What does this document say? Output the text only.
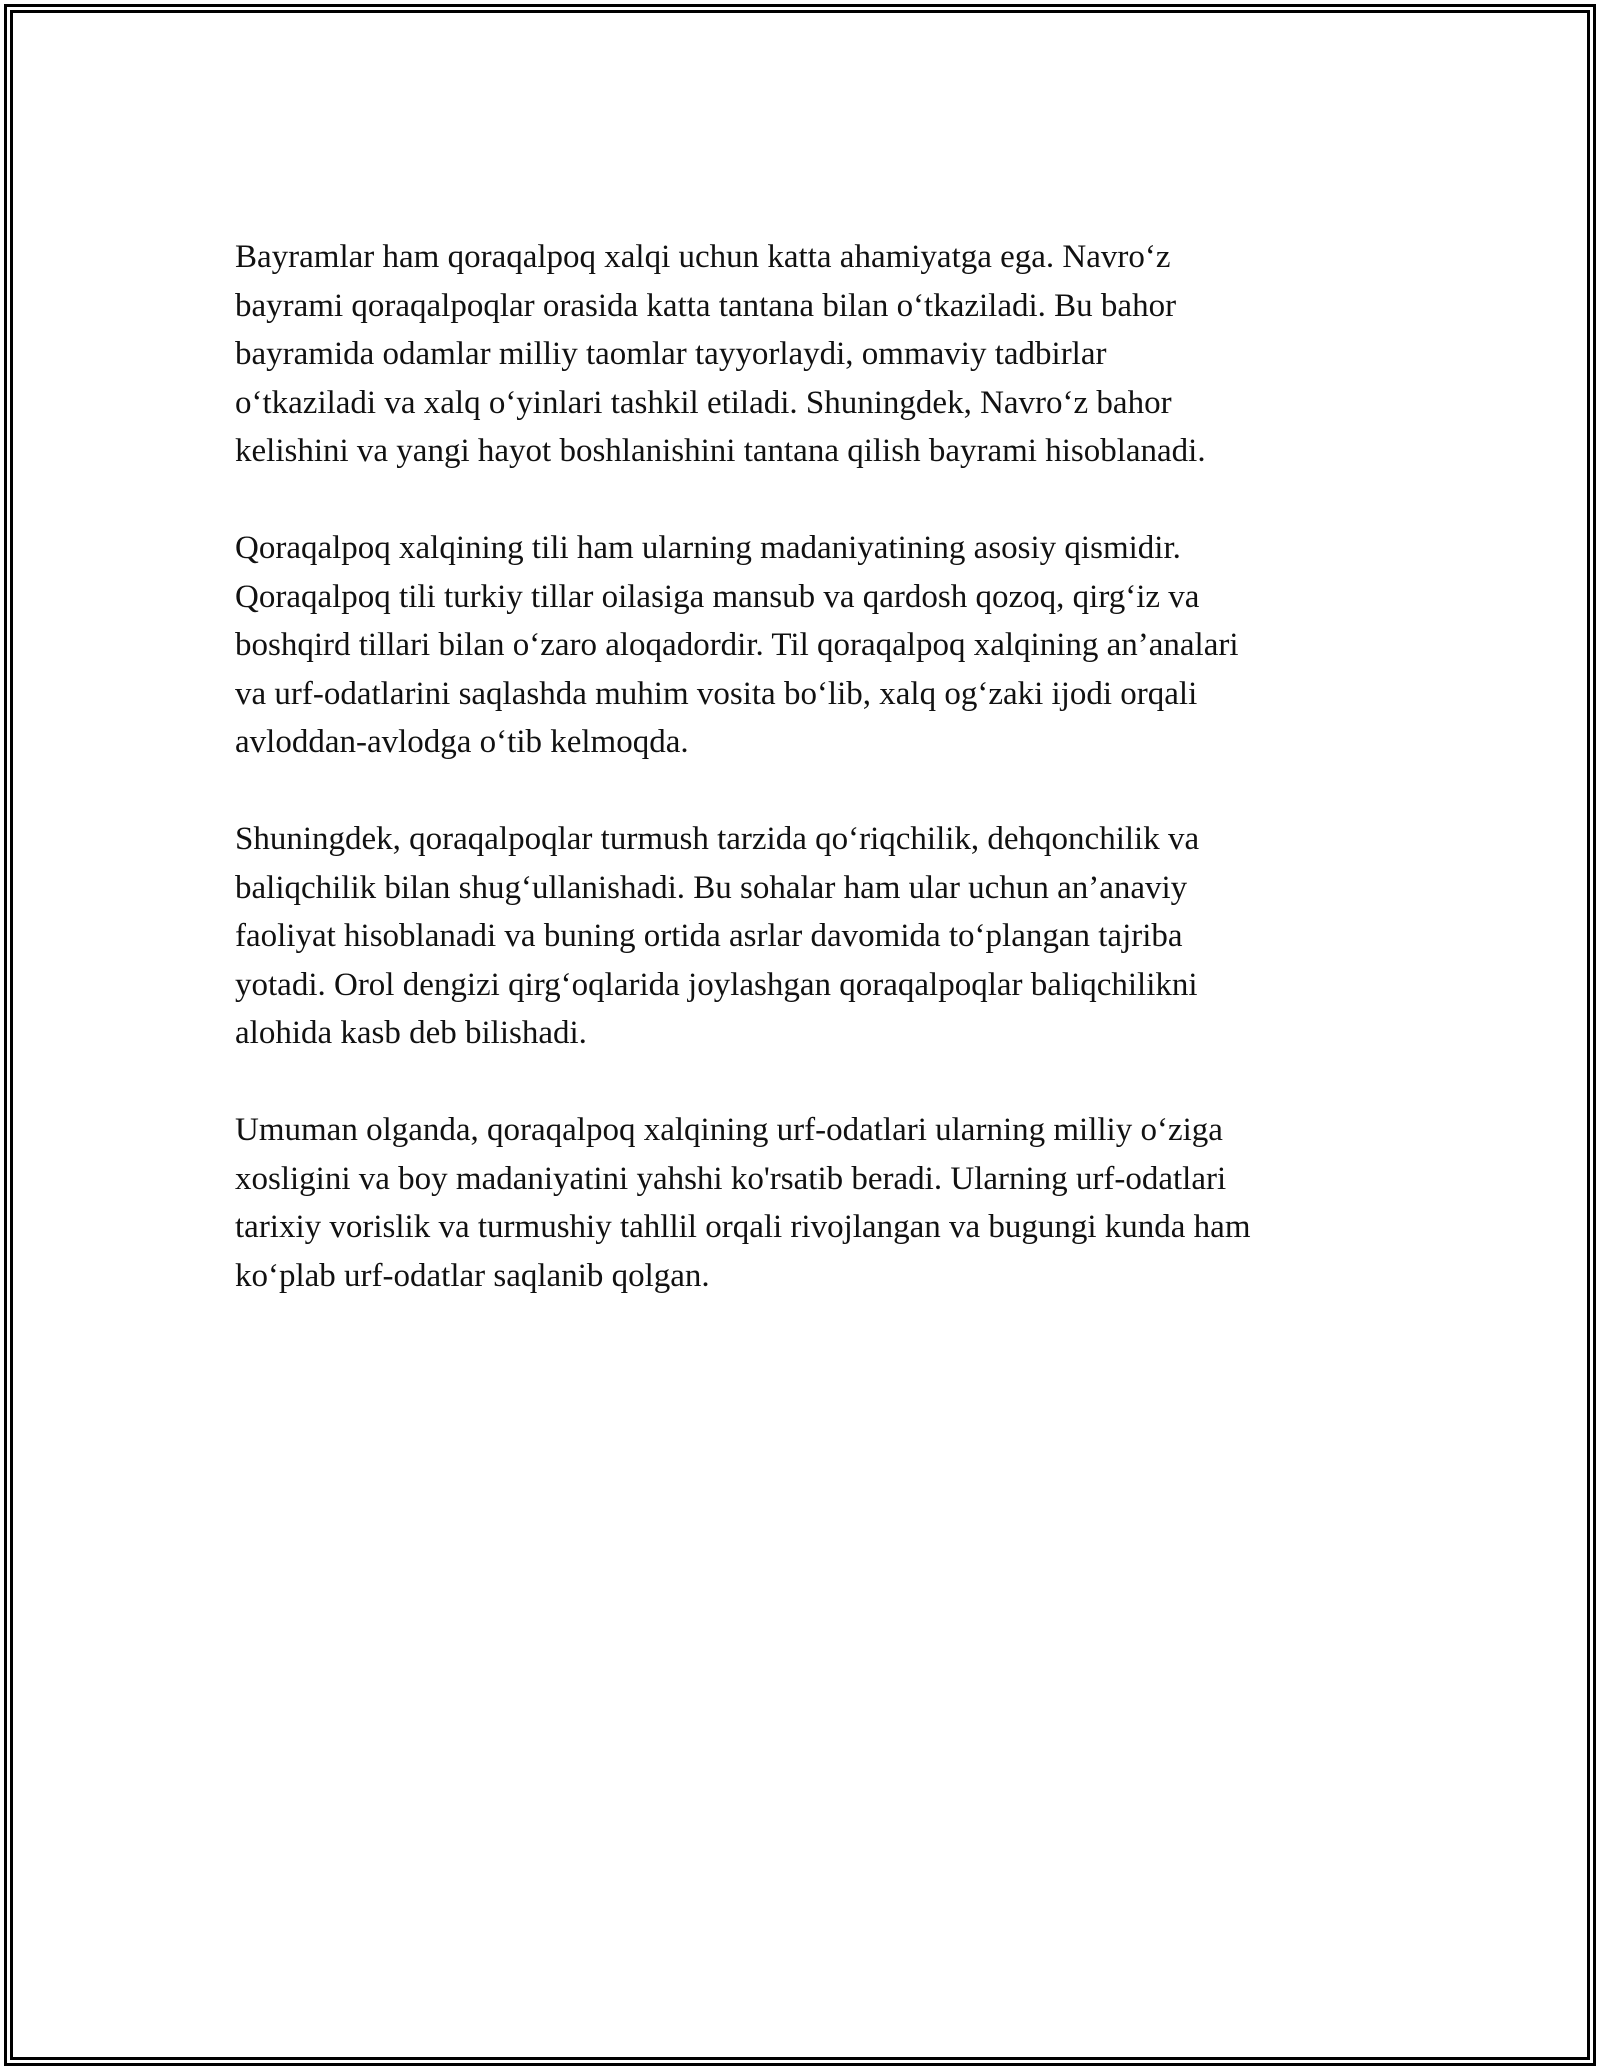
Bayramlar ham qoraqalpoq xalqi uchun katta ahamiyatga ega. Navro‘z
bayrami qoraqalpoqlar orasida katta tantana bilan o‘tkaziladi. Bu bahor
bayramida odamlar milliy taomlar tayyorlaydi, ommaviy tadbirlar
o‘tkaziladi va xalq o‘yinlari tashkil etiladi. Shuningdek, Navro‘z bahor
kelishini va yangi hayot boshlanishini tantana qilish bayrami hisoblanadi.

Qoraqalpoq xalqining tili ham ularning madaniyatining asosiy qismidir.
Qoraqalpoq tili turkiy tillar oilasiga mansub va qardosh qozoq, qirg‘iz va
boshqird tillari bilan o‘zaro aloqadordir. Til qoraqalpoq xalqining an’analari
va urf-odatlarini saqlashda muhim vosita bo‘lib, xalq og‘zaki ijodi orqali
avloddan-avlodga o‘tib kelmoqda.

Shuningdek, qoraqalpoqlar turmush tarzida qo‘riqchilik, dehqonchilik va
baliqchilik bilan shug‘ullanishadi. Bu sohalar ham ular uchun an’anaviy
faoliyat hisoblanadi va buning ortida asrlar davomida to‘plangan tajriba
yotadi. Orol dengizi qirg‘oqlarida joylashgan qoraqalpoqlar baliqchilikni
alohida kasb deb bilishadi.

Umuman olganda, qoraqalpoq xalqining urf-odatlari ularning milliy o‘ziga
xosligini va boy madaniyatini yahshi ko'rsatib beradi. Ularning urf-odatlari
tarixiy vorislik va turmushiy tahllil orqali rivojlangan va bugungi kunda ham
ko‘plab urf-odatlar saqlanib qolgan.
